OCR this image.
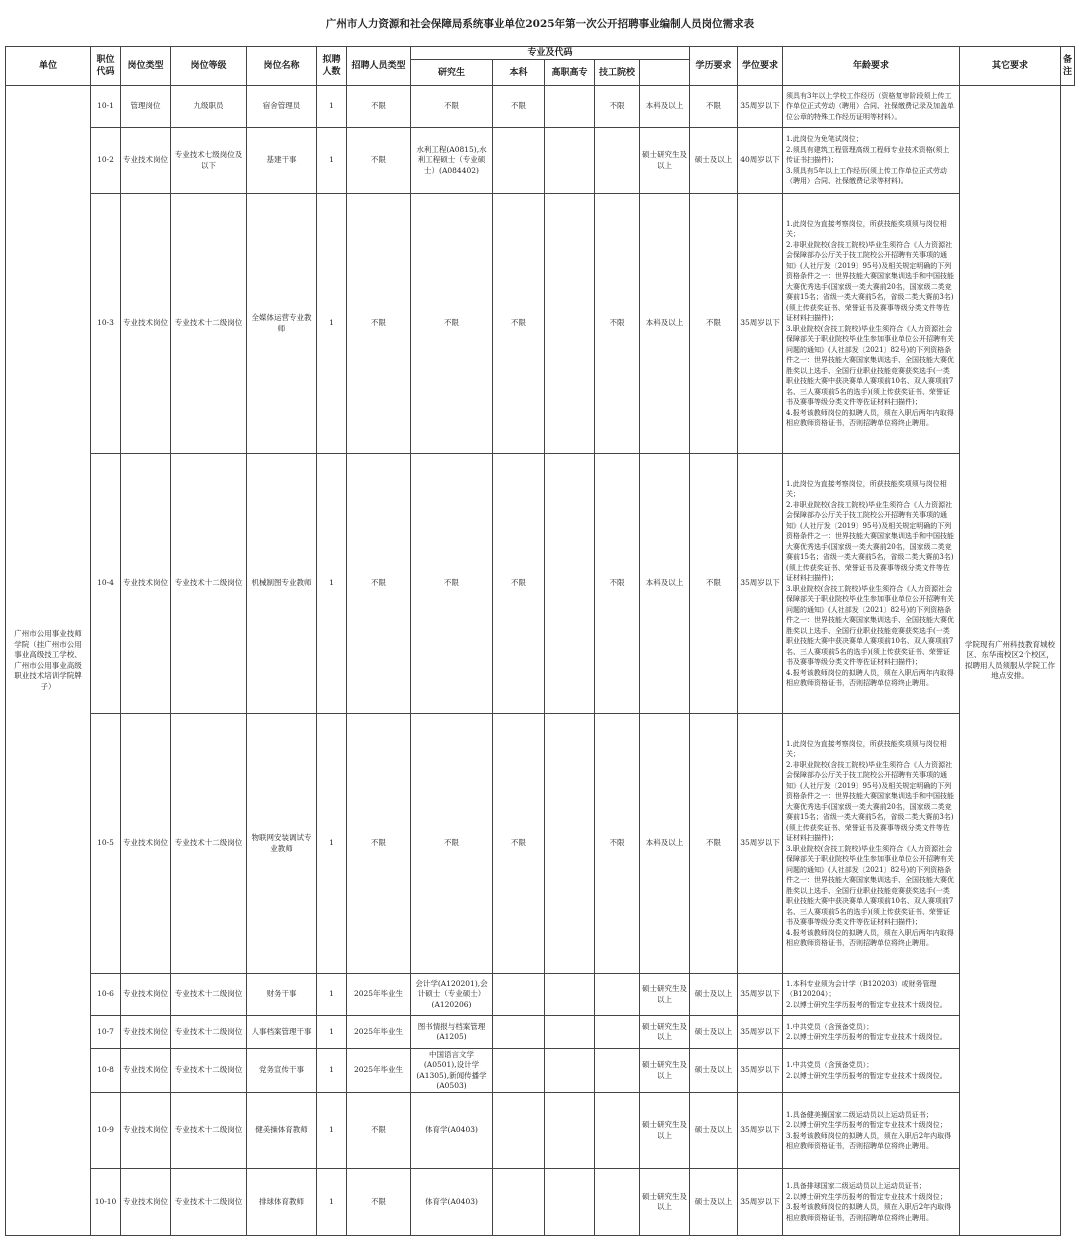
广州市人力资源和社会保障局系统事业单位2025年第一次公开招聘事业编制人员岗位需求表
单位	职位代码	岗位类型	岗位等级	岗位名称	拟聘人数	招聘人员类型	专业及代码					学历要求	学位要求	年龄要求	其它要求	备注
							研究生	本科	高职高专	技工院校						
广州市公用事业技师学院（挂广州市公用事业高级技工学校、广州市公用事业高级职业技术培训学院牌子）	10-1	管理岗位	九级职员	宿舍管理员	1	不限	不限	不限		不限	本科及以上	不限	35周岁以下	须具有3年以上学校工作经历（资格复审阶段须上传工作单位正式劳动（聘用）合同、社保缴费记录及加盖单位公章的特殊工作经历证明等材料）。	学院现有广州科技教育城校区、东华南校区2个校区，拟聘用人员须服从学院工作地点安排。	
	10-2	专业技术岗位	专业技术七级岗位及以下	基建干事	1	不限	水利工程(A0815),水利工程硕士（专业硕士）(A084402)				硕士研究生及以上	硕士及以上	40周岁以下	1.此岗位为免笔试岗位；
2.须具有建筑工程管理高级工程师专业技术资格(须上传证书扫描件)；
3.须具有5年以上工作经历(须上传工作单位正式劳动（聘用）合同、社保缴费记录等材料)。		

	10-3	专业技术岗位	专业技术十二级岗位	全媒体运营专业教师	1	不限	不限	不限		不限	本科及以上	不限	35周岁以下	1.此岗位为直接考察岗位，所获技能奖项须与岗位相关；
2.非职业院校(含技工院校)毕业生须符合《人力资源社会保障部办公厅关于技工院校公开招聘有关事项的通知》(人社厅发〔2019〕95号)及相关规定明确的下列资格条件之一：世界技能大赛国家集训选手和中国技能大赛优秀选手(国家级一类大赛前20名，国家级二类竞赛前15名；省级一类大赛前5名，省级二类大赛前3名)(须上传获奖证书、荣誉证书及赛事等级分类文件等佐证材料扫描件)；
3.职业院校(含技工院校)毕业生须符合《人力资源社会保障部关于职业院校毕业生参加事业单位公开招聘有关问题的通知》(人社部发〔2021〕82号)的下列资格条件之一：世界技能大赛国家集训选手、全国技能大赛优胜奖以上选手、全国行业职业技能竞赛获奖选手(一类职业技能大赛中获决赛单人赛项前10名、双人赛项前7名、三人赛项前5名的选手)(须上传获奖证书、荣誉证书及赛事等级分类文件等佐证材料扫描件)；
4.报考该教师岗位的拟聘人员，须在入职后两年内取得相应教师资格证书，否则招聘单位将终止聘用。		

	10-4	专业技术岗位	专业技术十二级岗位	机械制图专业教师	1	不限	不限	不限		不限	本科及以上	不限	35周岁以下	1.此岗位为直接考察岗位，所获技能奖项须与岗位相关；
2.非职业院校(含技工院校)毕业生须符合《人力资源社会保障部办公厅关于技工院校公开招聘有关事项的通知》(人社厅发〔2019〕95号)及相关规定明确的下列资格条件之一：世界技能大赛国家集训选手和中国技能大赛优秀选手(国家级一类大赛前20名，国家级二类竞赛前15名；省级一类大赛前5名，省级二类大赛前3名)(须上传获奖证书、荣誉证书及赛事等级分类文件等佐证材料扫描件)；
3.职业院校(含技工院校)毕业生须符合《人力资源社会保障部关于职业院校毕业生参加事业单位公开招聘有关问题的通知》(人社部发〔2021〕82号)的下列资格条件之一：世界技能大赛国家集训选手、全国技能大赛优胜奖以上选手、全国行业职业技能竞赛获奖选手(一类职业技能大赛中获决赛单人赛项前10名、双人赛项前7名、三人赛项前5名的选手)(须上传获奖证书、荣誉证书及赛事等级分类文件等佐证材料扫描件)；
4.报考该教师岗位的拟聘人员，须在入职后两年内取得相应教师资格证书，否则招聘单位将终止聘用。		

	10-5	专业技术岗位	专业技术十二级岗位	物联网安装调试专业教师	1	不限	不限	不限		不限	本科及以上	不限	35周岁以下	1.此岗位为直接考察岗位，所获技能奖项须与岗位相关；
2.非职业院校(含技工院校)毕业生须符合《人力资源社会保障部办公厅关于技工院校公开招聘有关事项的通知》(人社厅发〔2019〕95号)及相关规定明确的下列资格条件之一：世界技能大赛国家集训选手和中国技能大赛优秀选手(国家级一类大赛前20名，国家级二类竞赛前15名；省级一类大赛前5名，省级二类大赛前3名)(须上传获奖证书、荣誉证书及赛事等级分类文件等佐证材料扫描件)；
3.职业院校(含技工院校)毕业生须符合《人力资源社会保障部关于职业院校毕业生参加事业单位公开招聘有关问题的通知》(人社部发〔2021〕82号)的下列资格条件之一：世界技能大赛国家集训选手、全国技能大赛优胜奖以上选手、全国行业职业技能竞赛获奖选手(一类职业技能大赛中获决赛单人赛项前10名、双人赛项前7名、三人赛项前5名的选手)(须上传获奖证书、荣誉证书及赛事等级分类文件等佐证材料扫描件)；
4.报考该教师岗位的拟聘人员，须在入职后两年内取得相应教师资格证书，否则招聘单位将终止聘用。		

	10-6	专业技术岗位	专业技术十二级岗位	财务干事	1	2025年毕业生	会计学(A120201),会计硕士（专业硕士）(A120206)				硕士研究生及以上	硕士及以上	35周岁以下	1.本科专业须为会计学（B120203）或财务管理（B120204）；
2.以博士研究生学历报考的暂定专业技术十级岗位。		

	10-7	专业技术岗位	专业技术十二级岗位	人事档案管理干事	1	2025年毕业生	图书情报与档案管理(A1205)				硕士研究生及以上	硕士及以上	35周岁以下	1.中共党员（含预备党员）；
2.以博士研究生学历报考的暂定专业技术十级岗位。		

	10-8	专业技术岗位	专业技术十二级岗位	党务宣传干事	1	2025年毕业生	中国语言文学(A0501),设计学(A1305),新闻传播学(A0503)				硕士研究生及以上	硕士及以上	35周岁以下	1.中共党员（含预备党员）；
2.以博士研究生学历报考的暂定专业技术十级岗位。		

	10-9	专业技术岗位	专业技术十二级岗位	健美操体育教师	1	不限	体育学(A0403)				硕士研究生及以上	硕士及以上	35周岁以下	1.具备健美操国家二级运动员以上运动员证书；
2.以博士研究生学历报考的暂定专业技术十级岗位；
3.报考该教师岗位的拟聘人员，须在入职后2年内取得相应教师资格证书，否则招聘单位将终止聘用。		

	10-10	专业技术岗位	专业技术十二级岗位	排球体育教师	1	不限	体育学(A0403)				硕士研究生及以上	硕士及以上	35周岁以下	1.具备排球国家二级运动员以上运动员证书；
2.以博士研究生学历报考的暂定专业技术十级岗位；
3.报考该教师岗位的拟聘人员，须在入职后2年内取得相应教师资格证书，否则招聘单位将终止聘用。		
